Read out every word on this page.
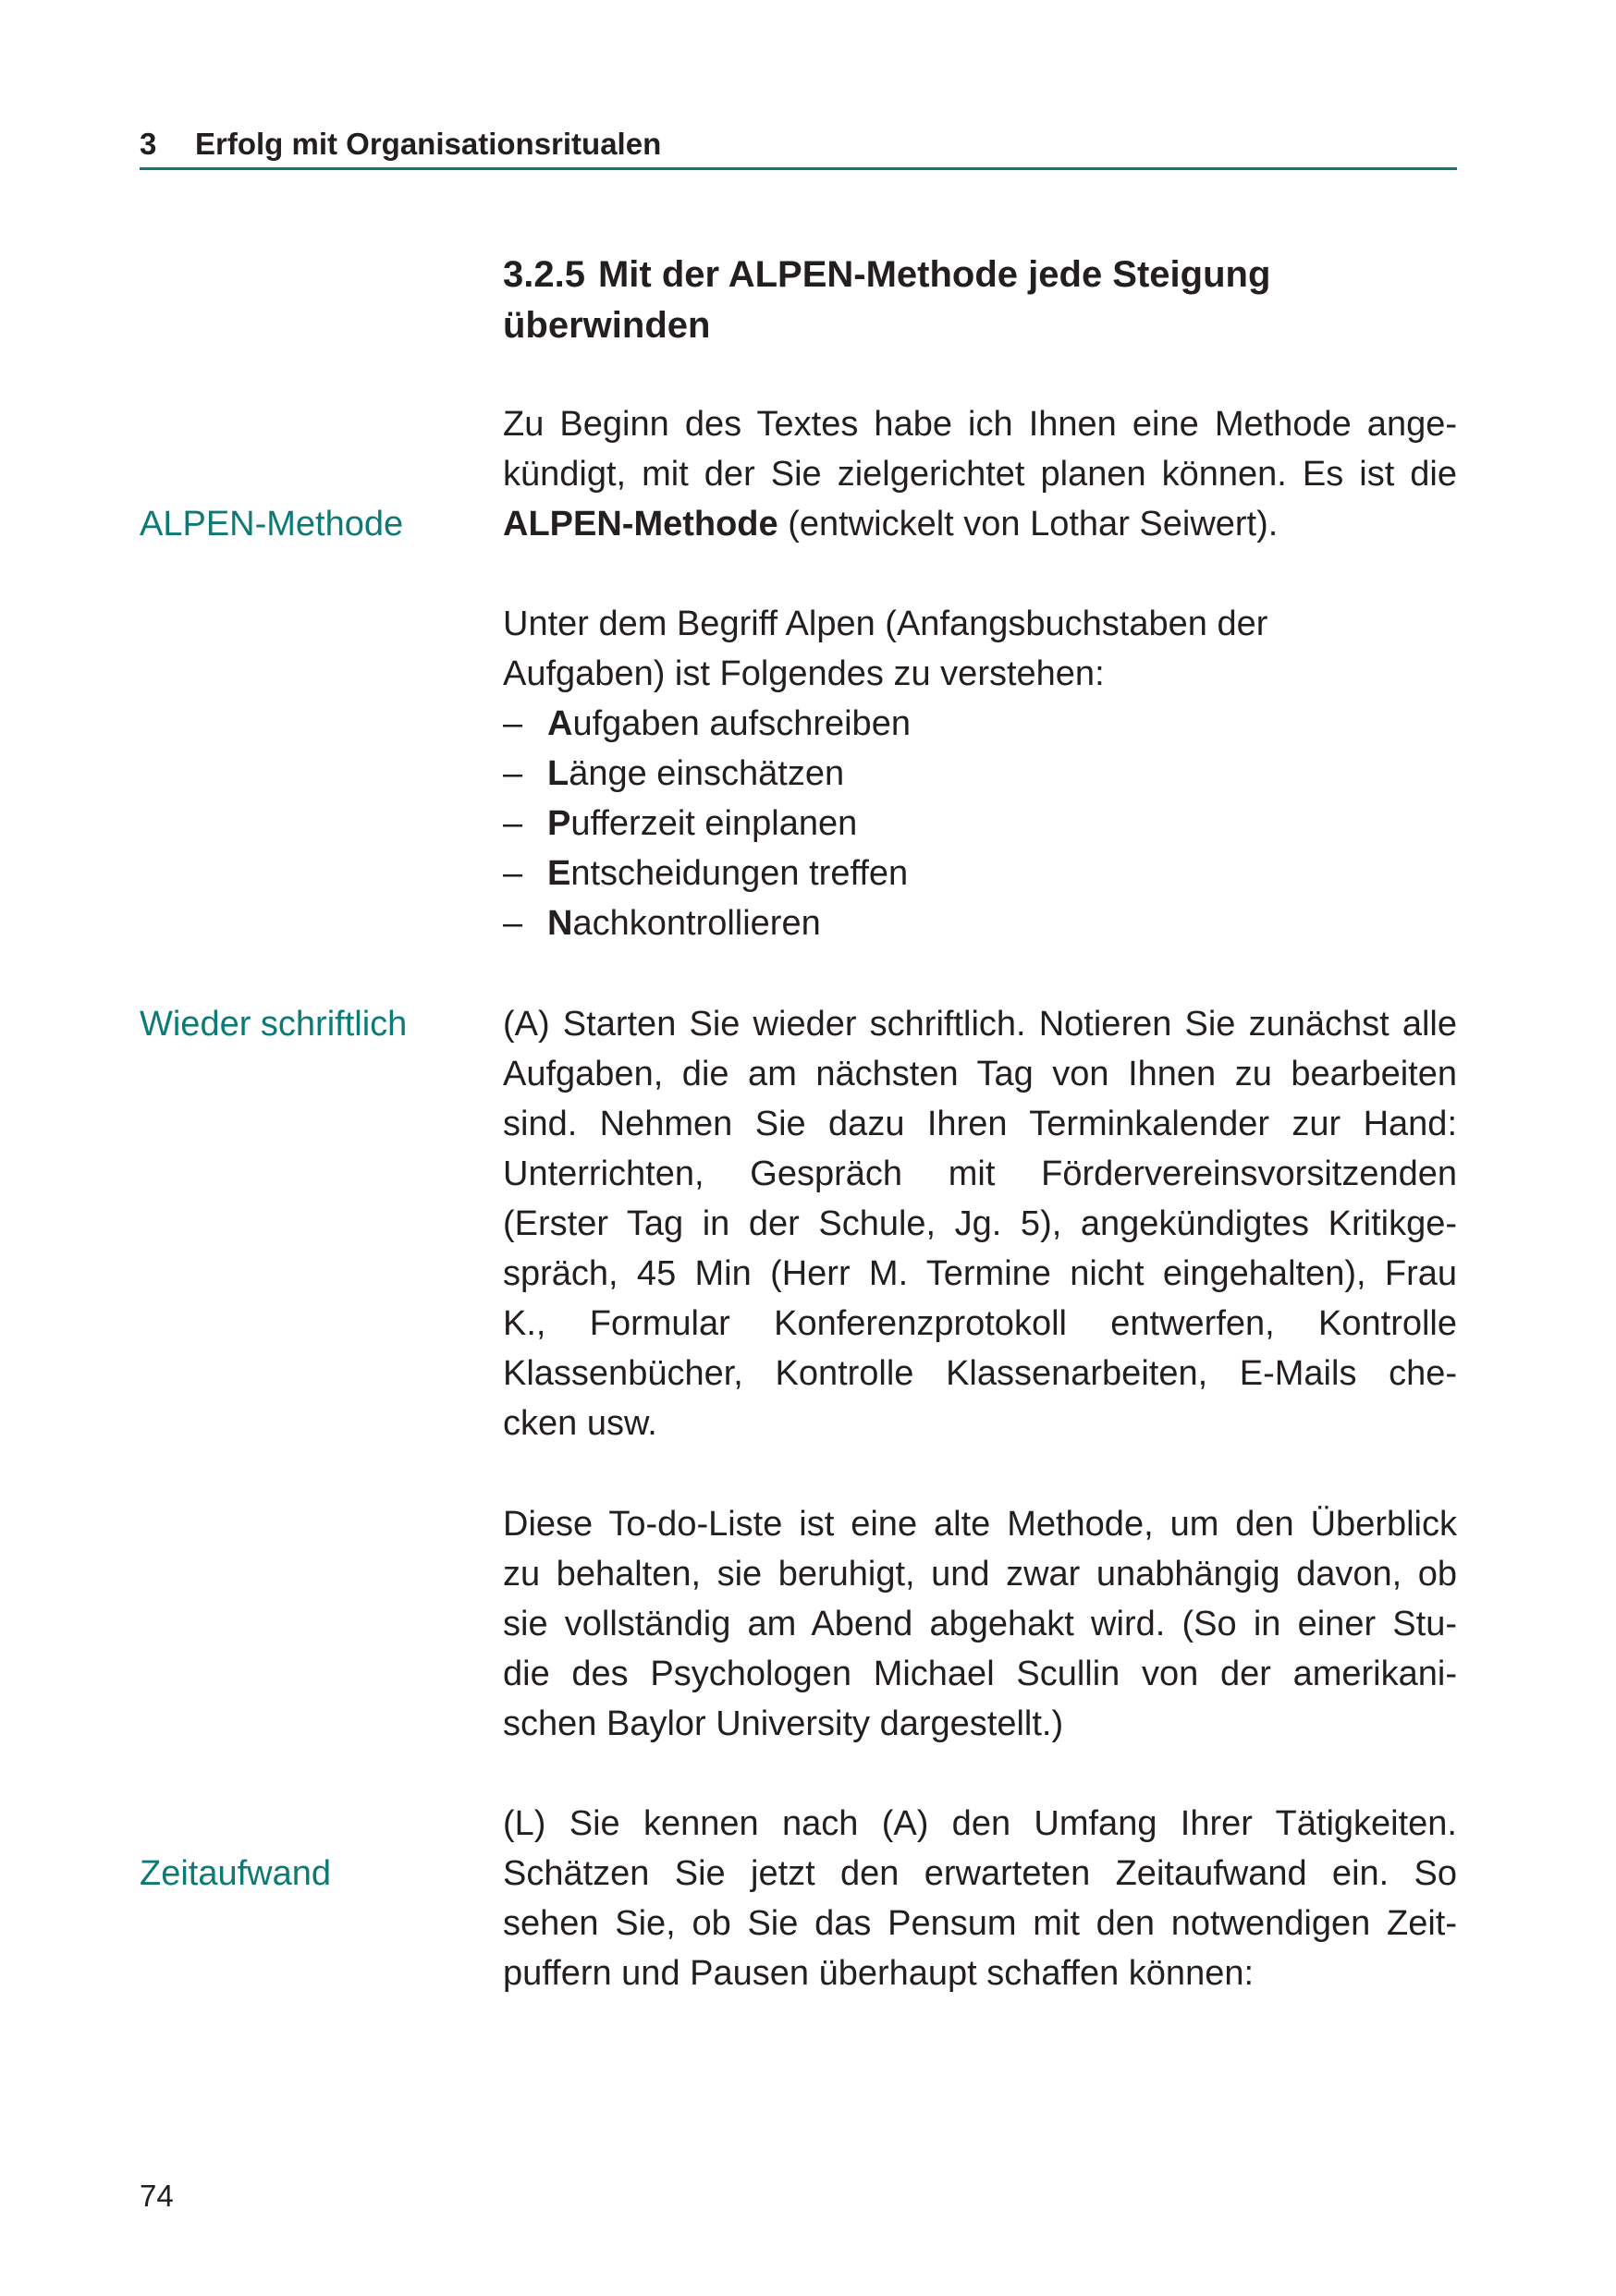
3 Erfolg mit Organisationsritualen
3.2.5 Mit der ALPEN-Methode jede Steigung
überwinden

ALPEN-Methode

Wieder schriftlich

Zeitaufwand

Zu Beginn des Textes habe ich Ihnen eine Methode ange-
kündigt, mit der Sie zielgerichtet planen können. Es ist die
ALPEN-Methode (entwickelt von Lothar Seiwert).

Unter dem Begriff Alpen (Anfangsbuchstaben der
Aufgaben) ist Folgendes zu verstehen:
– Aufgaben aufschreiben
– Länge einschätzen
– Pufferzeit einplanen
– Entscheidungen treffen
– Nachkontrollieren

(A) Starten Sie wieder schriftlich. Notieren Sie zunächst alle
Aufgaben, die am nächsten Tag von Ihnen zu bearbeiten
sind. Nehmen Sie dazu Ihren Terminkalender zur Hand:
Unterrichten, Gespräch mit Fördervereinsvorsitzenden
(Erster Tag in der Schule, Jg. 5), angekündigtes Kritikge-
spräch, 45 Min (Herr M. Termine nicht eingehalten), Frau
K., Formular Konferenzprotokoll entwerfen, Kontrolle
Klassenbücher, Kontrolle Klassenarbeiten, E-Mails che-
cken usw.

Diese To-do-Liste ist eine alte Methode, um den Überblick
zu behalten, sie beruhigt, und zwar unabhängig davon, ob
sie vollständig am Abend abgehakt wird. (So in einer Stu-
die des Psychologen Michael Scullin von der amerikani-
schen Baylor University dargestellt.)

(L) Sie kennen nach (A) den Umfang Ihrer Tätigkeiten.
Schätzen Sie jetzt den erwarteten Zeitaufwand ein. So
sehen Sie, ob Sie das Pensum mit den notwendigen Zeit-
puffern und Pausen überhaupt schaffen können:

74
